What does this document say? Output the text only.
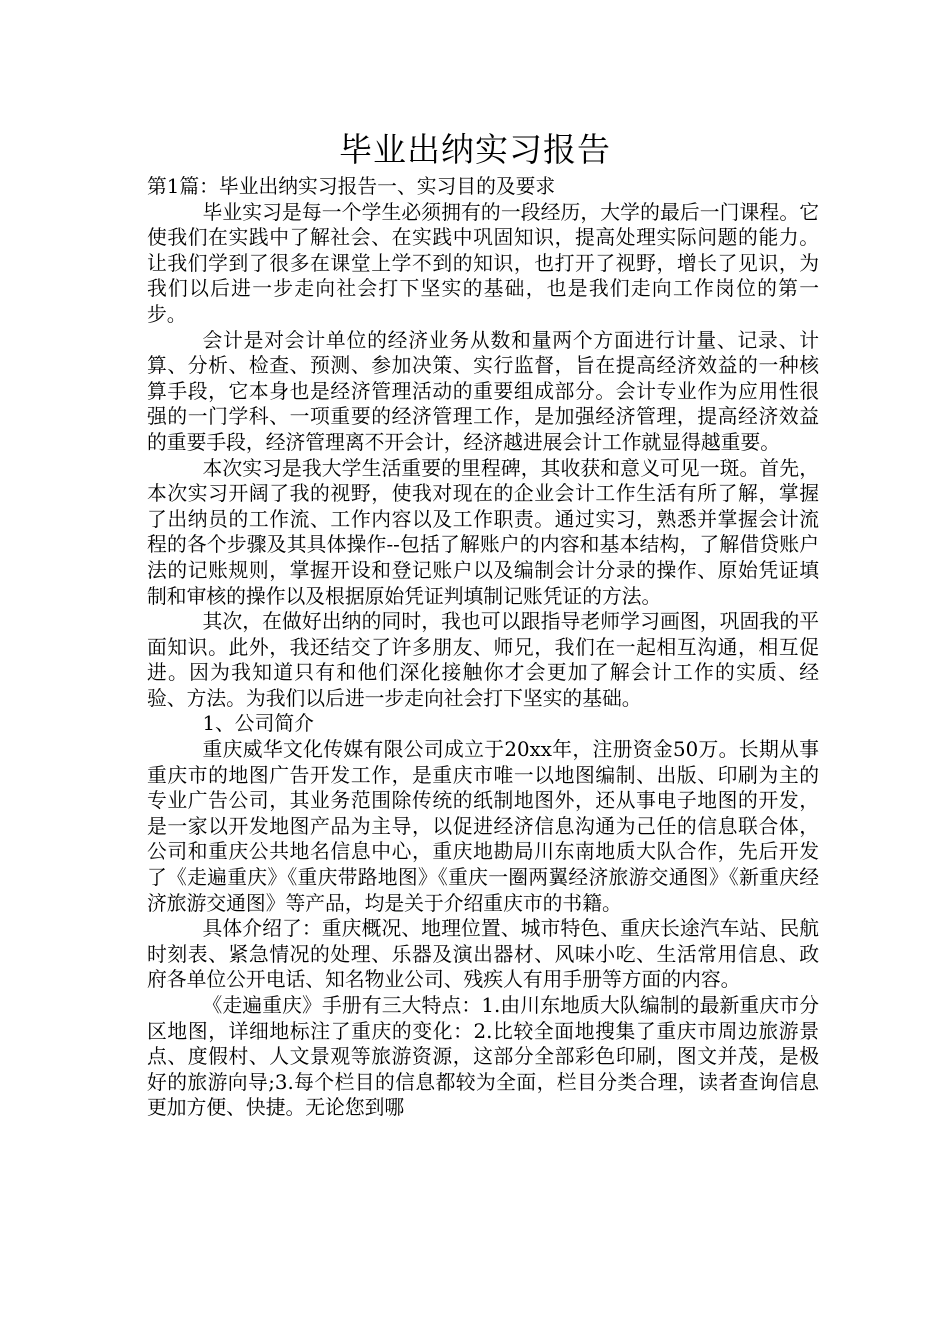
毕业出纳实习报告

第1篇：毕业出纳实习报告一、实习目的及要求

毕业实习是每一个学生必须拥有的一段经历，大学的最后一门课程。它使我们在实践中了解社会、在实践中巩固知识，提高处理实际问题的能力。让我们学到了很多在课堂上学不到的知识，也打开了视野，增长了见识，为我们以后进一步走向社会打下坚实的基础，也是我们走向工作岗位的第一步。

会计是对会计单位的经济业务从数和量两个方面进行计量、记录、计算、分析、检查、预测、参加决策、实行监督，旨在提高经济效益的一种核算手段，它本身也是经济管理活动的重要组成部分。会计专业作为应用性很强的一门学科、一项重要的经济管理工作，是加强经济管理，提高经济效益的重要手段，经济管理离不开会计，经济越进展会计工作就显得越重要。

本次实习是我大学生活重要的里程碑，其收获和意义可见一斑。首先，本次实习开阔了我的视野，使我对现在的企业会计工作生活有所了解，掌握了出纳员的工作流、工作内容以及工作职责。通过实习，熟悉并掌握会计流程的各个步骤及其具体操作--包括了解账户的内容和基本结构，了解借贷账户法的记账规则，掌握开设和登记账户以及编制会计分录的操作、原始凭证填制和审核的操作以及根据原始凭证判填制记账凭证的方法。

其次，在做好出纳的同时，我也可以跟指导老师学习画图，巩固我的平面知识。此外，我还结交了许多朋友、师兄，我们在一起相互沟通，相互促进。因为我知道只有和他们深化接触你才会更加了解会计工作的实质、经验、方法。为我们以后进一步走向社会打下坚实的基础。

1、公司简介

重庆威华文化传媒有限公司成立于20xx年，注册资金50万。长期从事重庆市的地图广告开发工作，是重庆市唯一以地图编制、出版、印刷为主的专业广告公司，其业务范围除传统的纸制地图外，还从事电子地图的开发，是一家以开发地图产品为主导，以促进经济信息沟通为己任的信息联合体，公司和重庆公共地名信息中心，重庆地勘局川东南地质大队合作，先后开发了《走遍重庆》《重庆带路地图》《重庆一圈两翼经济旅游交通图》《新重庆经济旅游交通图》等产品，均是关于介绍重庆市的书籍。

具体介绍了：重庆概况、地理位置、城市特色、重庆长途汽车站、民航时刻表、紧急情况的处理、乐器及演出器材、风味小吃、生活常用信息、政府各单位公开电话、知名物业公司、残疾人有用手册等方面的内容。

《走遍重庆》手册有三大特点：1.由川东地质大队编制的最新重庆市分区地图，详细地标注了重庆的变化：2.比较全面地搜集了重庆市周边旅游景点、度假村、人文景观等旅游资源，这部分全部彩色印刷，图文并茂，是极好的旅游向导;3.每个栏目的信息都较为全面，栏目分类合理，读者查询信息更加方便、快捷。无论您到哪
